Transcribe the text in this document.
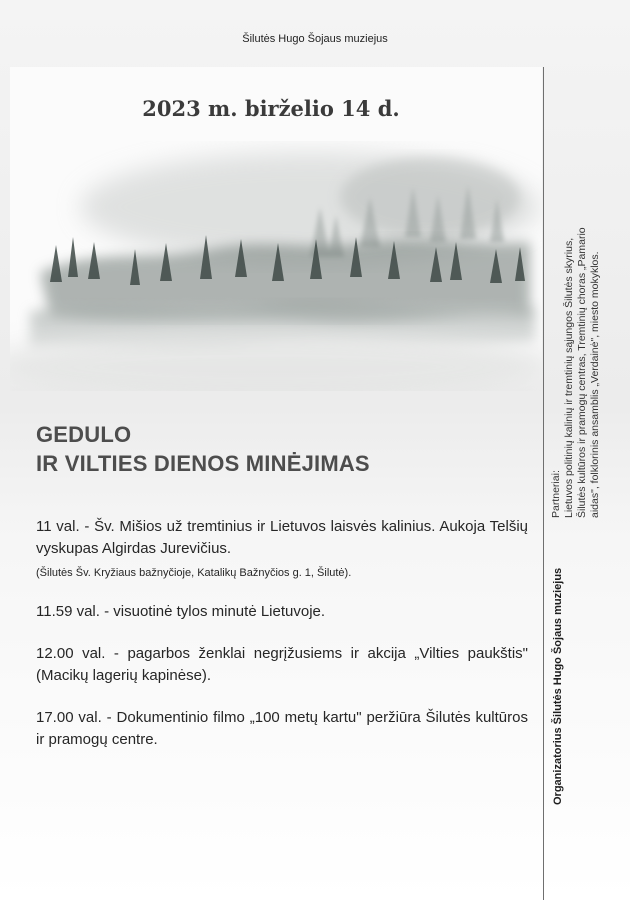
Šilutės Hugo Šojaus muziejus
2023 m. birželio 14 d.
GEDULO
IR VILTIES DIENOS MINĖJIMAS
11 val. - Šv. Mišios už tremtinius ir Lietuvos laisvės kalinius. Aukoja Telšių vyskupas Algirdas Jurevičius.
(Šilutės Šv. Kryžiaus bažnyčioje, Katalikų Bažnyčios g. 1, Šilutė).
11.59 val. - visuotinė tylos minutė Lietuvoje.
12.00 val. - pagarbos ženklai negrįžusiems ir akcija „Vilties paukštis" (Macikų lagerių kapinėse).
17.00 val. - Dokumentinio filmo „100 metų kartu" peržiūra Šilutės kultūros ir pramogų centre.
Partneriai: Lietuvos politinių kalinių ir tremtinių sąjungos Šilutės skyrius, Šilutės kultūros ir pramogų centras, Tremtinių choras „Pamario aidas", folklorinis ansamblis „Verdainė", miesto mokyklos.
Organizatorius Šilutės Hugo Šojaus muziejus
